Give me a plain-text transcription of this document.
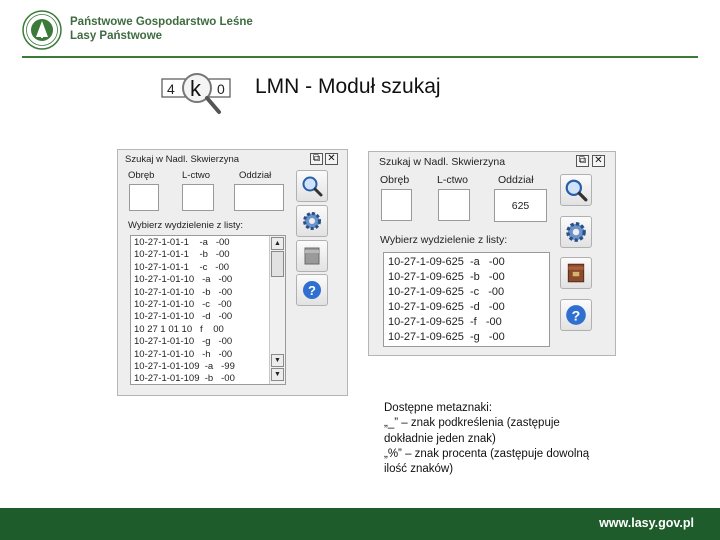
Państwowe Gospodarstwo Leśne
Lasy Państwowe
4	0
k	LMN - Moduł szukaj
Szukaj w Nadl. Skwierzyna	⧉ ✕
Obręb	L-ctwo	Oddział
Wybierz wydzielenie z listy:
10-27-1-01-1    -a   -00
10-27-1-01-1    -b   -00
10-27-1-01-1    -c   -00
10-27-1-01-10   -a   -00
10-27-1-01-10   -b   -00
10-27-1-01-10   -c   -00
10-27-1-01-10   -d   -00
10 27 1 01 10   f    00
10-27-1-01-10   -g   -00
10-27-1-01-10   -h   -00
10-27-1-01-109  -a   -99
10-27-1-01-109  -b   -00
▲
▼
▼
?
Szukaj w Nadl. Skwierzyna	⧉ ✕
Obręb	L-ctwo	Oddział
625
Wybierz wydzielenie z listy:
10-27-1-09-625  -a   -00
10-27-1-09-625  -b   -00
10-27-1-09-625  -c   -00
10-27-1-09-625  -d   -00
10-27-1-09-625  -f   -00
10-27-1-09-625  -g   -00
?
Dostępne metaznaki:
„_” – znak podkreślenia (zastępuje
dokładnie jeden znak)
„%” – znak procenta (zastępuje dowolną
ilość znaków)
www.lasy.gov.pl
